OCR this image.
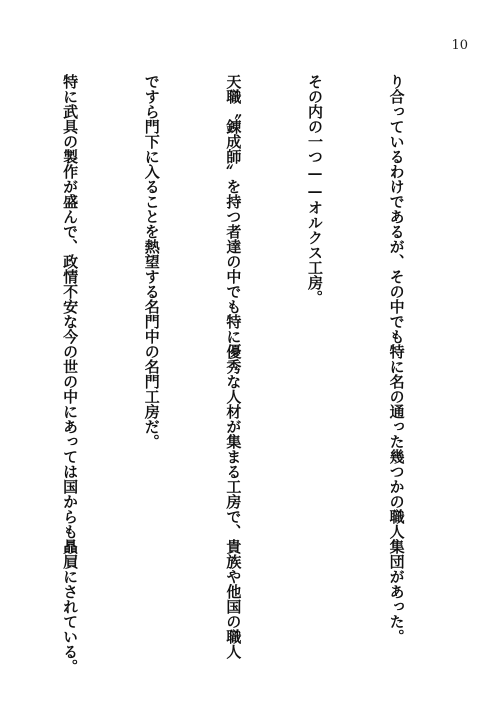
10

り合っているわけであるが、その中でも特に名の通った幾つかの職人集団があった。

その内の一つ——オルクス工房。

天職〝錬成師〟を持つ者達の中でも特に優秀な人材が集まる工房で、貴族や他国の職人

ですら門下に入ることを熱望する名門中の名門工房だ。

特に武具の製作が盛んで、政情不安な今の世の中にあっては国からも贔屓にされている。
